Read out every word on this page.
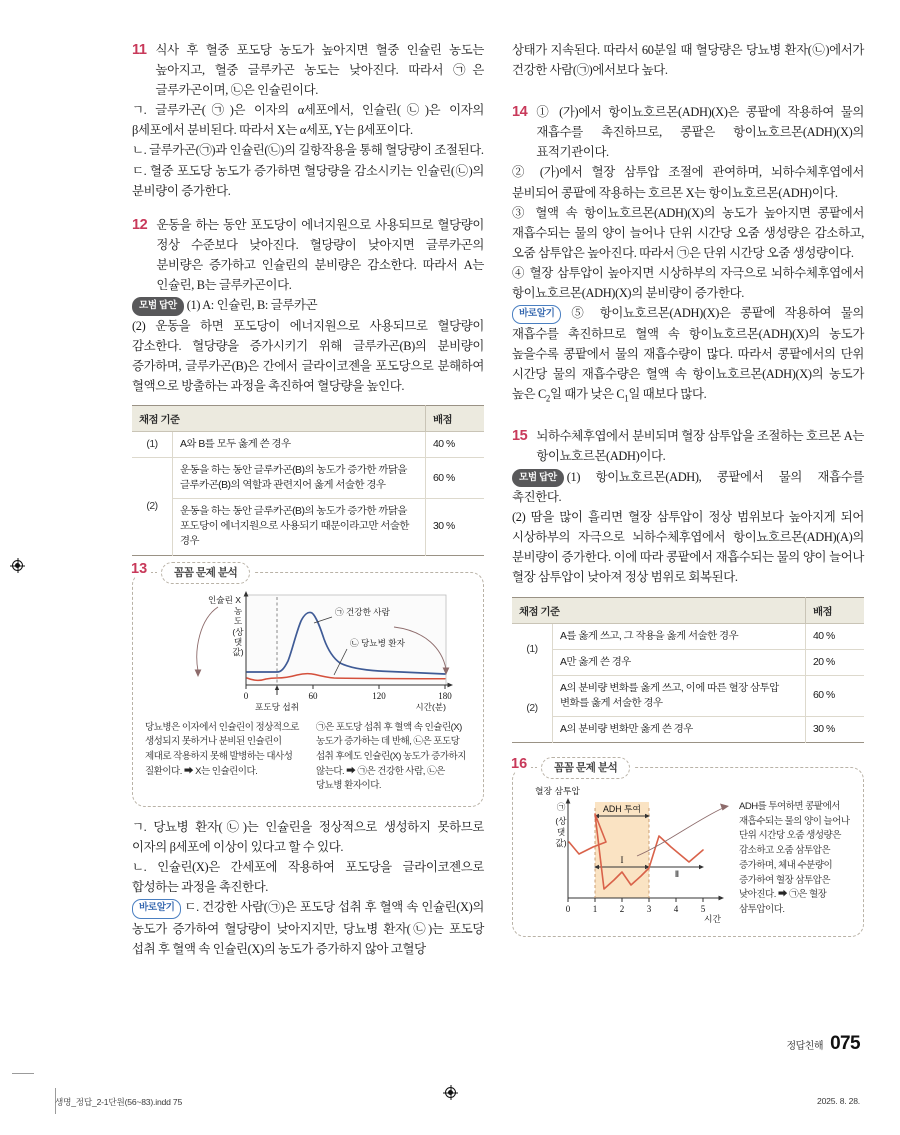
11 식사 후 혈중 포도당 농도가 높아지면 혈중 인슐린 농도는 높아지고, 혈중 글루카곤 농도는 낮아진다. 따라서 ㉠은 글루카곤이며, ㉡은 인슐린이다.

ㄱ. 글루카곤(㉠)은 이자의 α세포에서, 인슐린(㉡)은 이자의 β세포에서 분비된다. 따라서 X는 α세포, Y는 β세포이다.

ㄴ. 글루카곤(㉠)과 인슐린(㉡)의 길항작용을 통해 혈당량이 조절된다.

ㄷ. 혈중 포도당 농도가 증가하면 혈당량을 감소시키는 인슐린(㉡)의 분비량이 증가한다.

12 운동을 하는 동안 포도당이 에너지원으로 사용되므로 혈당량이 정상 수준보다 낮아진다. 혈당량이 낮아지면 글루카곤의 분비량은 증가하고 인슐린의 분비량은 감소한다. 따라서 A는 인슐린, B는 글루카곤이다.

모범 답안 (1) A: 인슐린, B: 글루카곤

(2) 운동을 하면 포도당이 에너지원으로 사용되므로 혈당량이 감소한다. 혈당량을 증가시키기 위해 글루카곤(B)의 분비량이 증가하며, 글루카곤(B)은 간에서 글라이코젠을 포도당으로 분해하여 혈액으로 방출하는 과정을 촉진하여 혈당량을 높인다.

채점 기준		배점
(1)	A와 B를 모두 옳게 쓴 경우	40 %
(2)	운동을 하는 동안 글루카곤(B)의 농도가 증가한 까닭을 글루카곤(B)의 역할과 관련지어 옳게 서술한 경우	60 %
	운동을 하는 동안 글루카곤(B)의 농도가 증가한 까닭을 포도당이 에너지원으로 사용되기 때문이라고만 서술한 경우	30 %
13	꼼꼼 문제 분석
㉠ 건강한 사람
㉡ 당뇨병 환자
0	60	120	180
포도당 섭취	시간(분)
인슐린 X
농
도
(상
댓
값)
당뇨병은 이자에서 인슐린이 정상적으로 생성되지 못하거나 분비된 인슐린이 제대로 작용하지 못해 발병하는 대사성 질환이다. ➡ X는 인슐린이다.
㉠은 포도당 섭취 후 혈액 속 인슐린(X) 농도가 증가하는 데 반해, ㉡은 포도당 섭취 후에도 인슐린(X) 농도가 증가하지 않는다. ➡ ㉠은 건강한 사람, ㉡은 당뇨병 환자이다.

ㄱ. 당뇨병 환자(㉡)는 인슐린을 정상적으로 생성하지 못하므로 이자의 β세포에 이상이 있다고 할 수 있다.

ㄴ. 인슐린(X)은 간세포에 작용하여 포도당을 글라이코젠으로 합성하는 과정을 촉진한다.

바로알기 ㄷ. 건강한 사람(㉠)은 포도당 섭취 후 혈액 속 인슐린(X)의 농도가 증가하여 혈당량이 낮아지지만, 당뇨병 환자(㉡)는 포도당 섭취 후 혈액 속 인슐린(X)의 농도가 증가하지 않아 고혈당

상태가 지속된다. 따라서 60분일 때 혈당량은 당뇨병 환자(㉡)에서가 건강한 사람(㉠)에서보다 높다.

14 ① (가)에서 항이뇨호르몬(ADH)(X)은 콩팥에 작용하여 물의 재흡수를 촉진하므로, 콩팥은 항이뇨호르몬(ADH)(X)의 표적기관이다.

② (가)에서 혈장 삼투압 조절에 관여하며, 뇌하수체후엽에서 분비되어 콩팥에 작용하는 호르몬 X는 항이뇨호르몬(ADH)이다.

③ 혈액 속 항이뇨호르몬(ADH)(X)의 농도가 높아지면 콩팥에서 재흡수되는 물의 양이 늘어나 단위 시간당 오줌 생성량은 감소하고, 오줌 삼투압은 높아진다. 따라서 ㉠은 단위 시간당 오줌 생성량이다.

④ 혈장 삼투압이 높아지면 시상하부의 자극으로 뇌하수체후엽에서 항이뇨호르몬(ADH)(X)의 분비량이 증가한다.

바로알기 ⑤ 항이뇨호르몬(ADH)(X)은 콩팥에 작용하여 물의 재흡수를 촉진하므로 혈액 속 항이뇨호르몬(ADH)(X)의 농도가 높을수록 콩팥에서 물의 재흡수량이 많다. 따라서 콩팥에서의 단위 시간당 물의 재흡수량은 혈액 속 항이뇨호르몬(ADH)(X)의 농도가 높은 $C_2$일 때가 낮은 $C_1$일 때보다 많다.

15 뇌하수체후엽에서 분비되며 혈장 삼투압을 조절하는 호르몬 A는 항이뇨호르몬(ADH)이다.

모범 답안 (1) 항이뇨호르몬(ADH), 콩팥에서 물의 재흡수를 촉진한다.

(2) 땀을 많이 흘리면 혈장 삼투압이 정상 범위보다 높아지게 되어 시상하부의 자극으로 뇌하수체후엽에서 항이뇨호르몬(ADH)(A)의 분비량이 증가한다. 이에 따라 콩팥에서 재흡수되는 물의 양이 늘어나 혈장 삼투압이 낮아져 정상 범위로 회복된다.

채점 기준		배점
(1)	A를 옳게 쓰고, 그 작용을 옳게 서술한 경우	40 %
	A만 옳게 쓴 경우	20 %
(2)	A의 분비량 변화를 옳게 쓰고, 이에 따른 혈장 삼투압 변화를 옳게 서술한 경우	60 %
	A의 분비량 변화만 옳게 쓴 경우	30 %
16	꼼꼼 문제 분석
ADH 투여
I
Ⅱ
0	1	2	3	4	5
시간
혈장 삼투압
㉠
(상
댓
값)
ADH를 투여하면 콩팥에서 재흡수되는 물의 양이 늘어나 단위 시간당 오줌 생성량은 감소하고 오줌 삼투압은 증가하며, 체내 수분량이 증가하여 혈장 삼투압은 낮아진다. ➡ ㉠은 혈장 삼투압이다.
정답친해 075
생명_정답_2-1단원(56~83).indd 75	2025. 8. 28.
